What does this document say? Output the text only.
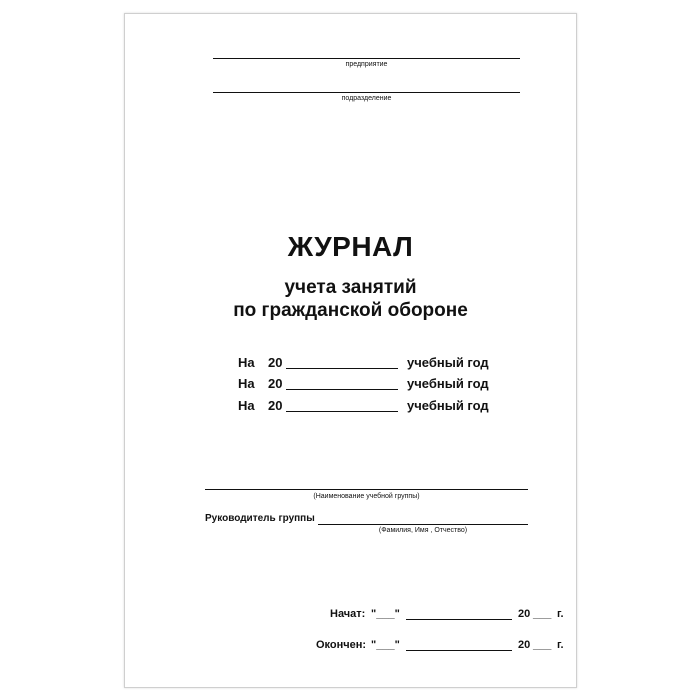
предприятие
подразделение
ЖУРНАЛ
учета занятий
по гражданской обороне
На 20	учебный год
На 20	учебный год
На 20	учебный год
(Наименование учебной группы)
Руководитель группы
(Фамилия, Имя , Отчество)
Начат: "___"	20 ___ г.
Окончен: "___"	20 ___ г.
